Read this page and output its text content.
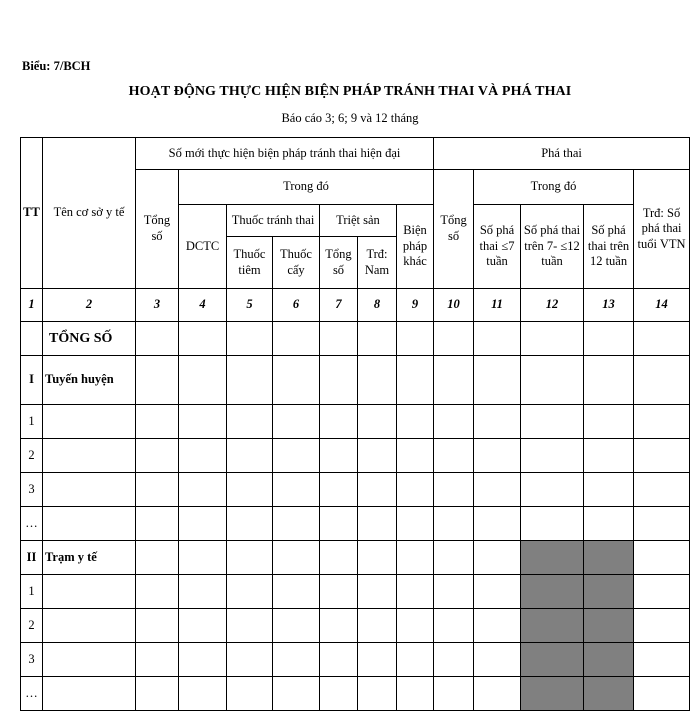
Biểu: 7/BCH
HOẠT ĐỘNG THỰC HIỆN BIỆN PHÁP TRÁNH THAI VÀ PHÁ THAI
Báo cáo 3; 6; 9 và 12 tháng
TT	Tên cơ sở y tế	Số mới thực hiện biện pháp tránh thai hiện đại							Phá thai				
		Tổng số	Trong đó						Tổng số	Trong đó			Trđ: Số phá thai tuổi VTN
			DCTC	Thuốc tránh thai		Triệt sản		Biện pháp khác		Số phá thai ≤7 tuần	Số phá thai trên 7- ≤12 tuần	Số phá thai trên 12 tuần	
				Thuốc tiêm	Thuốc cấy	Tổng số	Trđ: Nam						
1	2	3	4	5	6	7	8	9	10	11	12	13	14
	TỔNG SỐ												
I	Tuyến huyện												
1													
2													
3													
…													
II	Trạm y tế												
1													
2													
3													
…													
